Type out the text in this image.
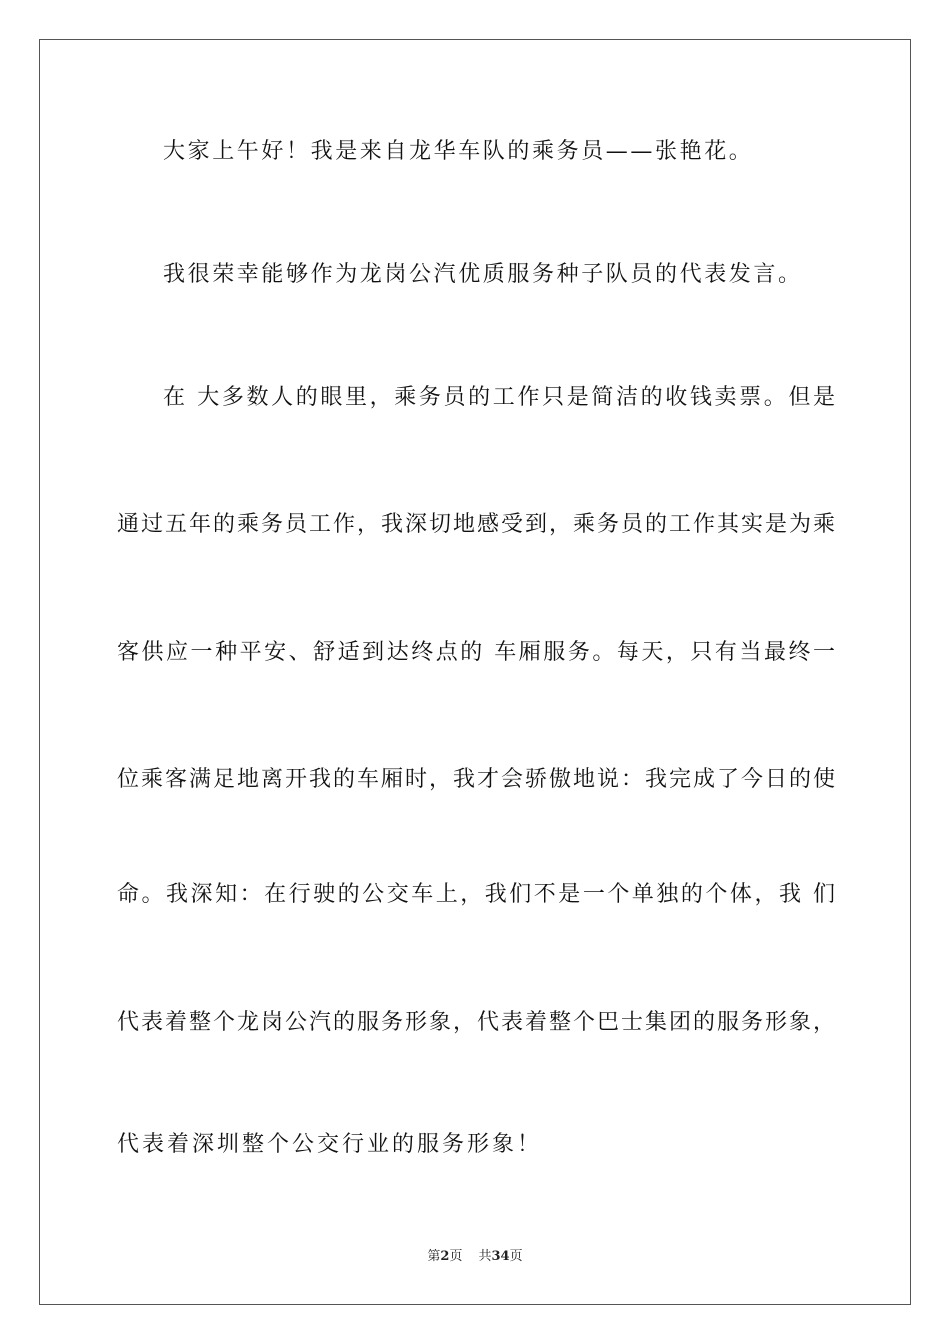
大家上午好！我是来自龙华车队的乘务员——张艳花。
我很荣幸能够作为龙岗公汽优质服务种子队员的代表发言。
在 大多数人的眼里，乘务员的工作只是简洁的收钱卖票。但是
通过五年的乘务员工作，我深切地感受到，乘务员的工作其实是为乘
客供应一种平安、舒适到达终点的 车厢服务。每天，只有当最终一
位乘客满足地离开我的车厢时，我才会骄傲地说：我完成了今日的使
命。我深知：在行驶的公交车上，我们不是一个单独的个体，我 们
代表着整个龙岗公汽的服务形象，代表着整个巴士集团的服务形象，
代表着深圳整个公交行业的服务形象！
第2页 共34页
